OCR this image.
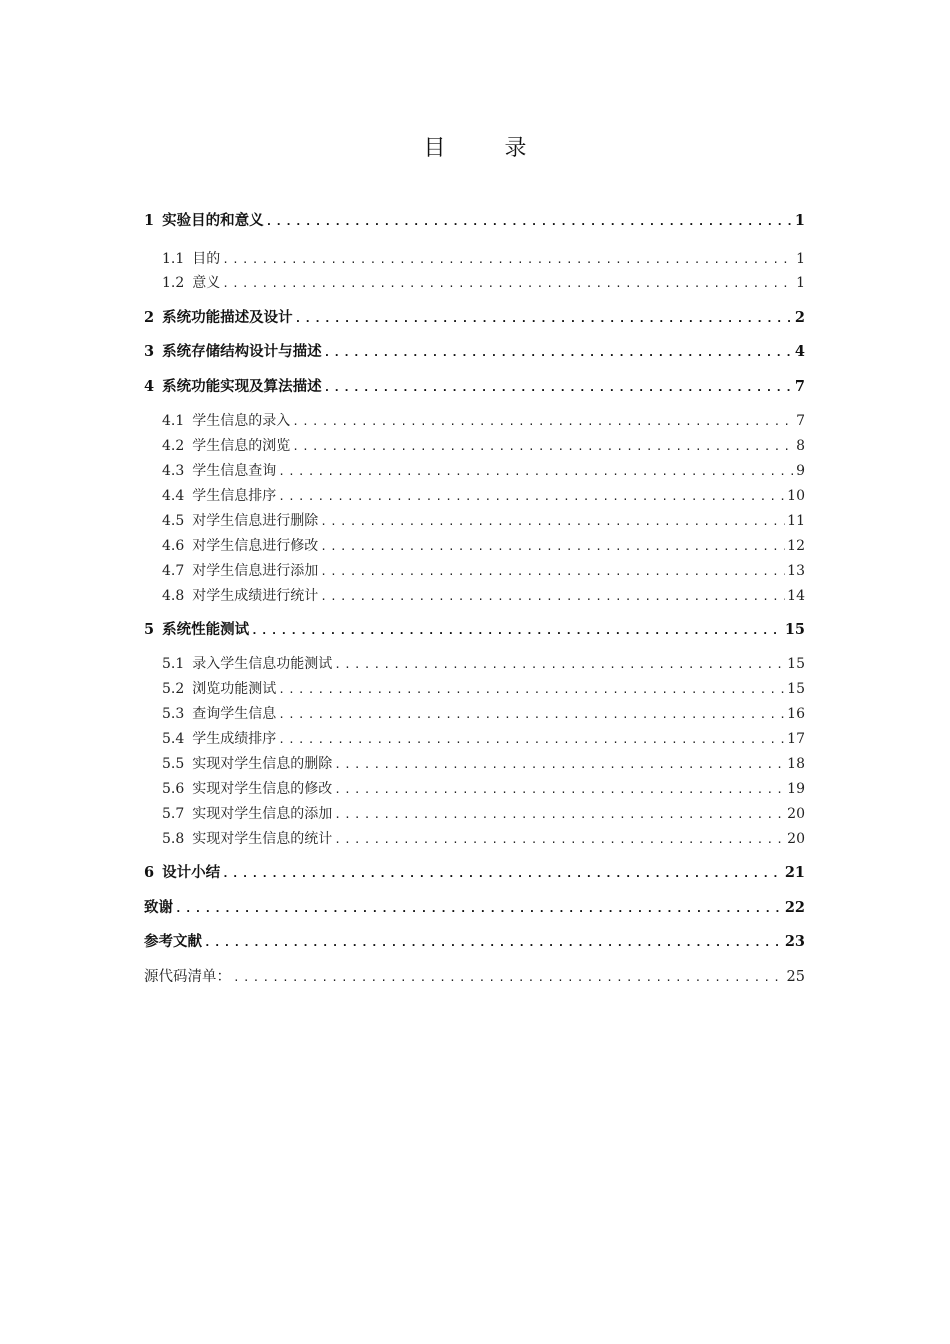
目 录
1 实验目的和意义 .....	1
1.1 目的 .....	1
1.2 意义 .....	1
2 系统功能描述及设计 .....	2
3 系统存储结构设计与描述 .....	4
4 系统功能实现及算法描述 .....	7
4.1 学生信息的录入 .....	7
4.2 学生信息的浏览 .....	8
4.3 学生信息查询 .....	9
4.4 学生信息排序 .....	10
4.5 对学生信息进行删除 .....	11
4.6 对学生信息进行修改 .....	12
4.7 对学生信息进行添加 .....	13
4.8 对学生成绩进行统计 .....	14
5 系统性能测试 .....	15
5.1 录入学生信息功能测试 .....	15
5.2 浏览功能测试 .....	15
5.3 查询学生信息 .....	16
5.4 学生成绩排序 .....	17
5.5 实现对学生信息的删除 .....	18
5.6 实现对学生信息的修改 .....	19
5.7 实现对学生信息的添加 .....	20
5.8 实现对学生信息的统计 .....	20
6 设计小结 .....	21
致谢 .....	22
参考文献 .....	23
源代码清单： .....	25
